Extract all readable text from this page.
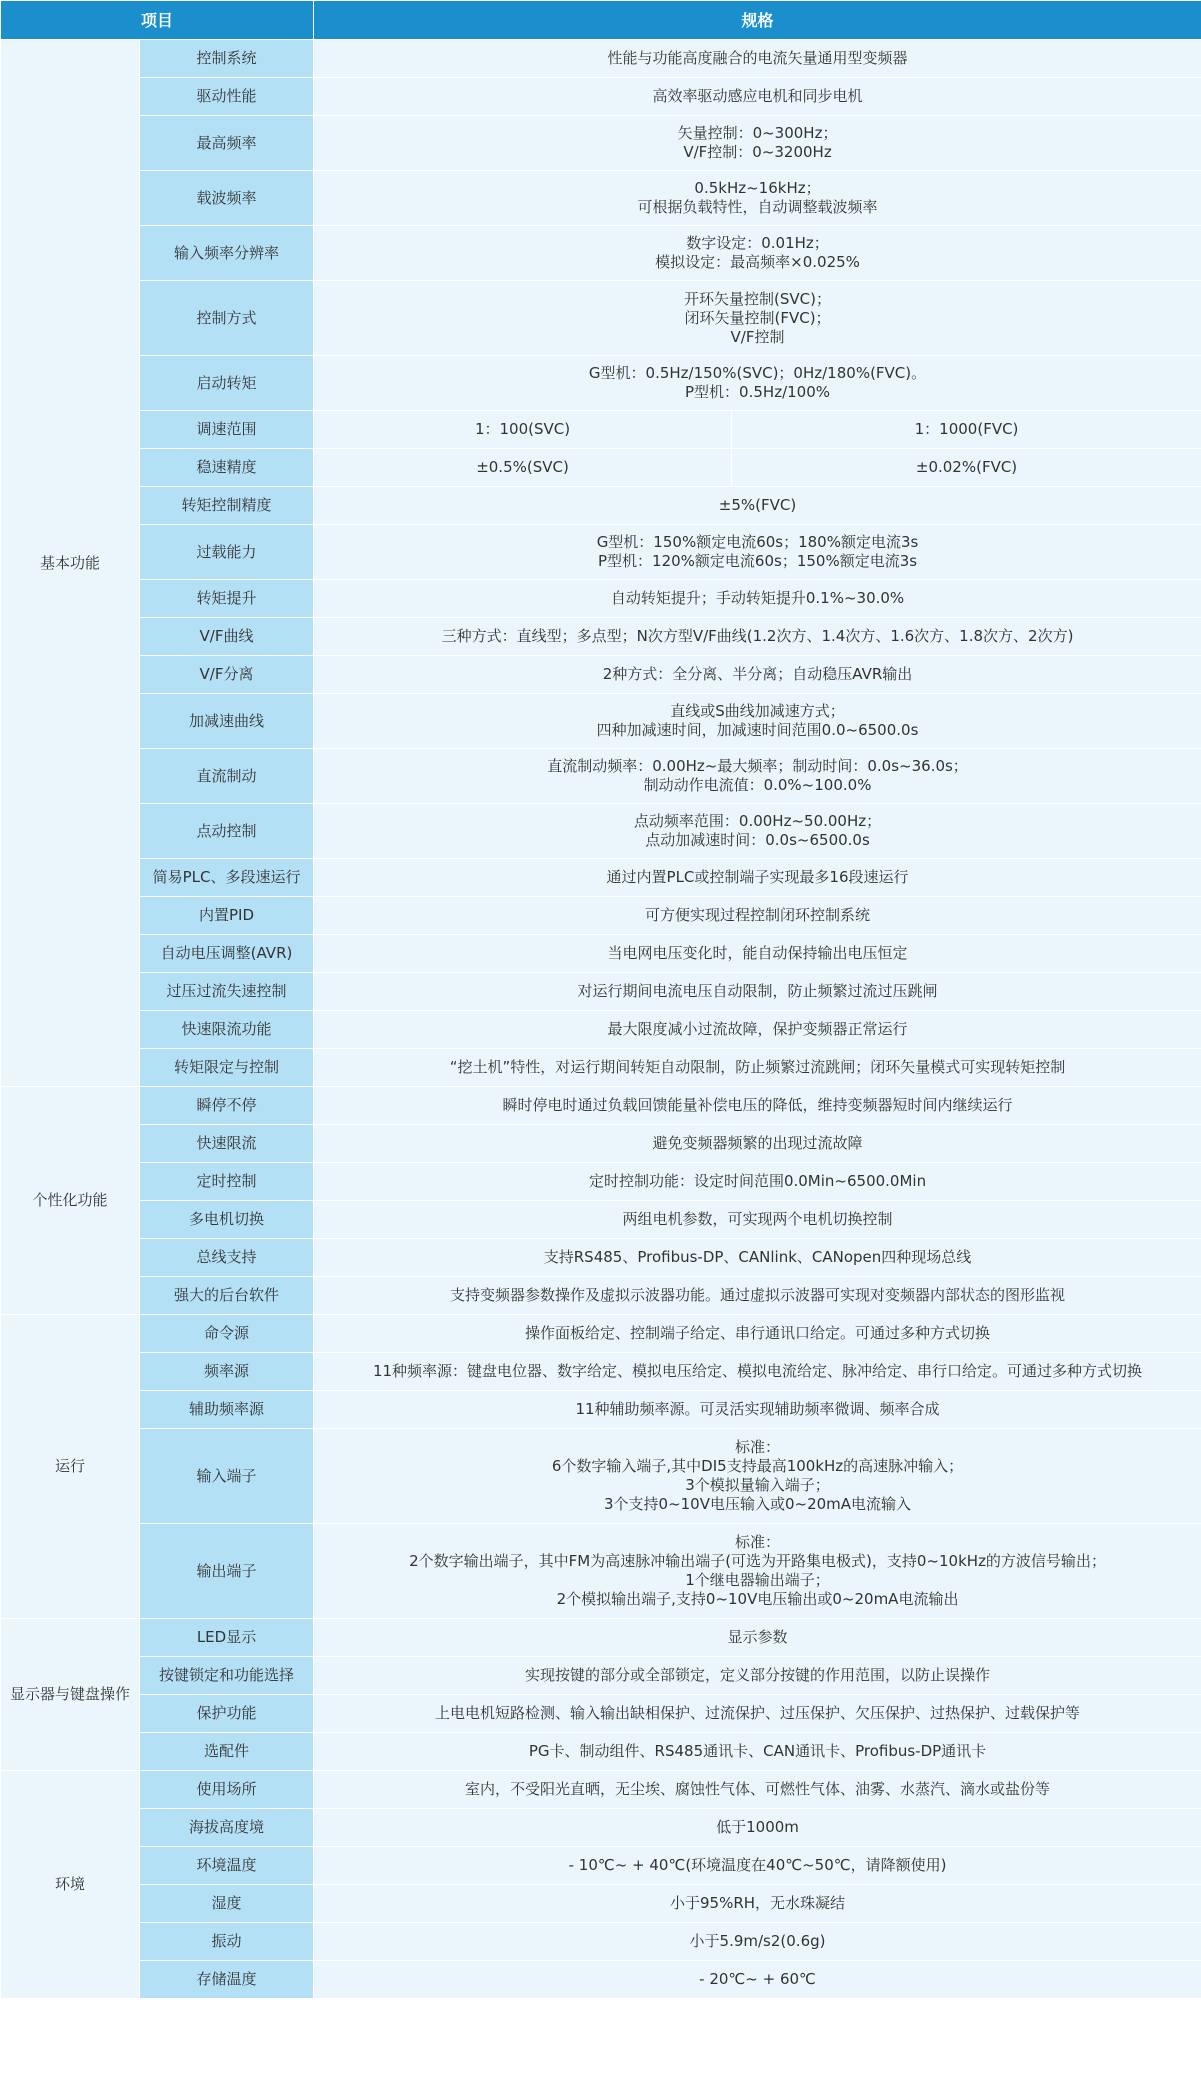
项目		规格	
基本功能	控制系统	性能与功能高度融合的电流矢量通用型变频器	

	驱动性能	高效率驱动感应电机和同步电机	

	最高频率	矢量控制：0~300Hz；
V/F控制：0~3200Hz	

	载波频率	0.5kHz~16kHz；
可根据负载特性，自动调整载波频率	

	输入频率分辨率	数字设定：0.01Hz；
模拟设定：最高频率×0.025%	

	控制方式	开环矢量控制(SVC)；
闭环矢量控制(FVC)；
V/F控制	

	启动转矩	G型机：0.5Hz/150%(SVC)；0Hz/180%(FVC)。
P型机：0.5Hz/100%	

	调速范围	1：100(SVC)	1：1000(FVC)
	稳速精度	±0.5%(SVC)	±0.02%(FVC)
	转矩控制精度	±5%(FVC)	

	过载能力	G型机：150%额定电流60s；180%额定电流3s
P型机：120%额定电流60s；150%额定电流3s	

	转矩提升	自动转矩提升；手动转矩提升0.1%~30.0%	

	V/F曲线	三种方式：直线型；多点型；N次方型V/F曲线(1.2次方、1.4次方、1.6次方、1.8次方、2次方)	

	V/F分离	2种方式：全分离、半分离；自动稳压AVR输出	

	加减速曲线	直线或S曲线加减速方式；
四种加减速时间，加减速时间范围0.0~6500.0s	

	直流制动	直流制动频率：0.00Hz~最大频率；制动时间：0.0s~36.0s；
制动动作电流值：0.0%~100.0%	

	点动控制	点动频率范围：0.00Hz~50.00Hz；
点动加减速时间：0.0s~6500.0s	

	简易PLC、多段速运行	通过内置PLC或控制端子实现最多16段速运行	

	内置PID	可方便实现过程控制闭环控制系统	

	自动电压调整(AVR)	当电网电压变化时，能自动保持输出电压恒定	

	过压过流失速控制	对运行期间电流电压自动限制，防止频繁过流过压跳闸	

	快速限流功能	最大限度减小过流故障，保护变频器正常运行	

	转矩限定与控制	“挖土机”特性，对运行期间转矩自动限制，防止频繁过流跳闸；闭环矢量模式可实现转矩控制	

个性化功能	瞬停不停	瞬时停电时通过负载回馈能量补偿电压的降低，维持变频器短时间内继续运行	

	快速限流	避免变频器频繁的出现过流故障	

	定时控制	定时控制功能：设定时间范围0.0Min~6500.0Min	

	多电机切换	两组电机参数，可实现两个电机切换控制	

	总线支持	支持RS485、Profibus-DP、CANlink、CANopen四种现场总线	

	强大的后台软件	支持变频器参数操作及虚拟示波器功能。通过虚拟示波器可实现对变频器内部状态的图形监视	

运行	命令源	操作面板给定、控制端子给定、串行通讯口给定。可通过多种方式切换	

	频率源	11种频率源：键盘电位器、数字给定、模拟电压给定、模拟电流给定、脉冲给定、串行口给定。可通过多种方式切换	

	辅助频率源	11种辅助频率源。可灵活实现辅助频率微调、频率合成	

	输入端子	标准：
6个数字输入端子,其中DI5支持最高100kHz的高速脉冲输入；
3个模拟量输入端子；
3个支持0~10V电压输入或0~20mA电流输入	

	输出端子	标准：
2个数字输出端子，其中FM为高速脉冲输出端子(可选为开路集电极式)，支持0~10kHz的方波信号输出；
1个继电器输出端子；
2个模拟输出端子,支持0~10V电压输出或0~20mA电流输出	

显示器与键盘操作	LED显示	显示参数	

	按键锁定和功能选择	实现按键的部分或全部锁定，定义部分按键的作用范围，以防止误操作	

	保护功能	上电电机短路检测、输入输出缺相保护、过流保护、过压保护、欠压保护、过热保护、过载保护等	

	选配件	PG卡、制动组件、RS485通讯卡、CAN通讯卡、Profibus-DP通讯卡	

环境	使用场所	室内，不受阳光直晒，无尘埃、腐蚀性气体、可燃性气体、油雾、水蒸汽、滴水或盐份等	

	海拔高度境	低于1000m	

	环境温度	- 10℃~ + 40℃(环境温度在40℃~50℃，请降额使用)	

	湿度	小于95%RH，无水珠凝结	

	振动	小于5.9m/s2(0.6g)	

	存储温度	- 20℃~ + 60℃	
